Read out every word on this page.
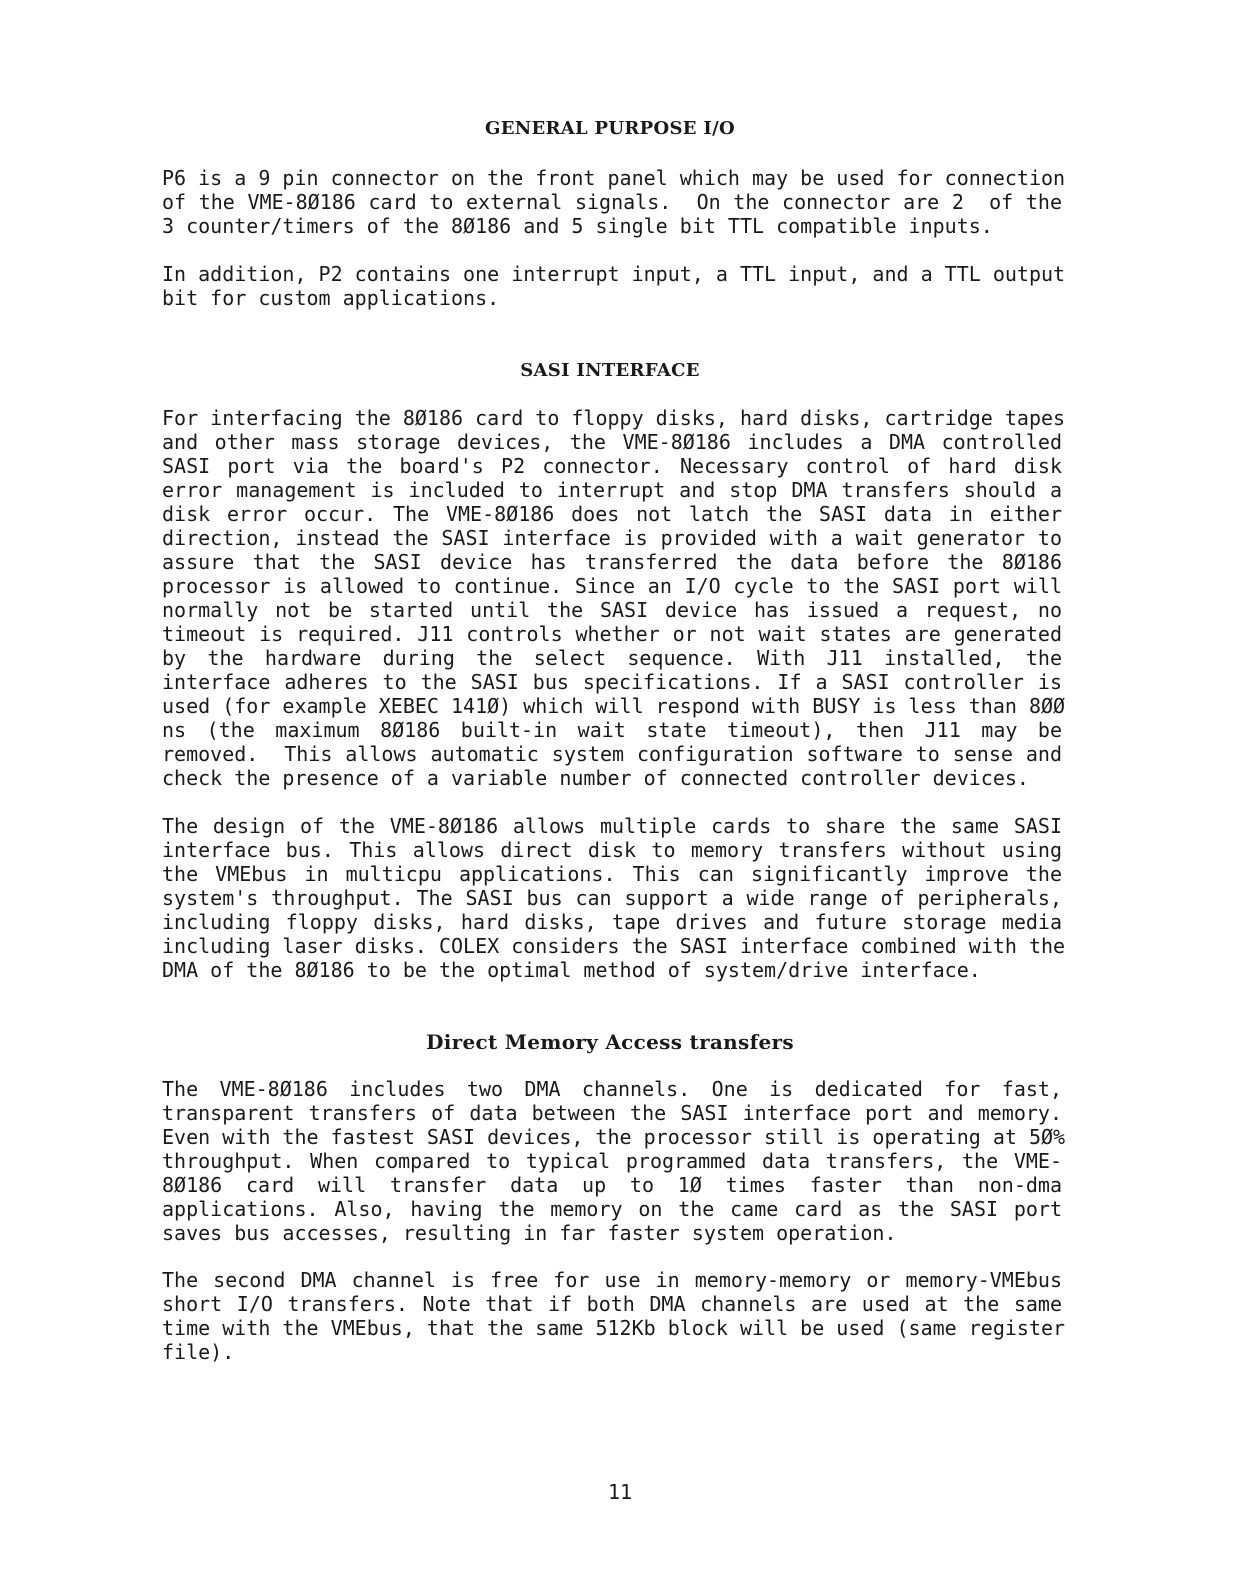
GENERAL PURPOSE I/O
P6 is a 9 pin connector on the front panel which may be used for connection
of the VME-8Ø186 card to external signals.  On the connector are 2  of the
3 counter/timers of the 8Ø186 and 5 single bit TTL compatible inputs.
In addition, P2 contains one interrupt input, a TTL input, and a TTL output
bit for custom applications.
SASI INTERFACE
For interfacing the 8Ø186 card to floppy disks, hard disks, cartridge tapes
and other mass storage devices, the VME-8Ø186 includes a DMA controlled
SASI port via the board's P2 connector. Necessary control of hard disk
error management is included to interrupt and stop DMA transfers should a
disk error occur. The VME-8Ø186 does not latch the SASI data in either
direction, instead the SASI interface is provided with a wait generator to
assure that the SASI device has transferred the data before the 8Ø186
processor is allowed to continue. Since an I/O cycle to the SASI port will
normally not be started until the SASI device has issued a request, no
timeout is required. J11 controls whether or not wait states are generated
by the hardware during the select sequence. With J11 installed, the
interface adheres to the SASI bus specifications. If a SASI controller is
used (for example XEBEC 141Ø) which will respond with BUSY is less than 8ØØ
ns (the maximum 8Ø186 built-in wait state timeout), then J11 may be
removed.  This allows automatic system configuration software to sense and
check the presence of a variable number of connected controller devices.
The design of the VME-8Ø186 allows multiple cards to share the same SASI
interface bus. This allows direct disk to memory transfers without using
the VMEbus in multicpu applications. This can significantly improve the
system's throughput. The SASI bus can support a wide range of peripherals,
including floppy disks, hard disks, tape drives and future storage media
including laser disks. COLEX considers the SASI interface combined with the
DMA of the 8Ø186 to be the optimal method of system/drive interface.
Direct Memory Access transfers
The VME-8Ø186 includes two DMA channels. One is dedicated for fast,
transparent transfers of data between the SASI interface port and memory.
Even with the fastest SASI devices, the processor still is operating at 5Ø%
throughput. When compared to typical programmed data transfers, the VME-
8Ø186 card will transfer data up to 1Ø times faster than non-dma
applications. Also, having the memory on the came card as the SASI port
saves bus accesses, resulting in far faster system operation.
The second DMA channel is free for use in memory-memory or memory-VMEbus
short I/O transfers. Note that if both DMA channels are used at the same
time with the VMEbus, that the same 512Kb block will be used (same register
file).
11
